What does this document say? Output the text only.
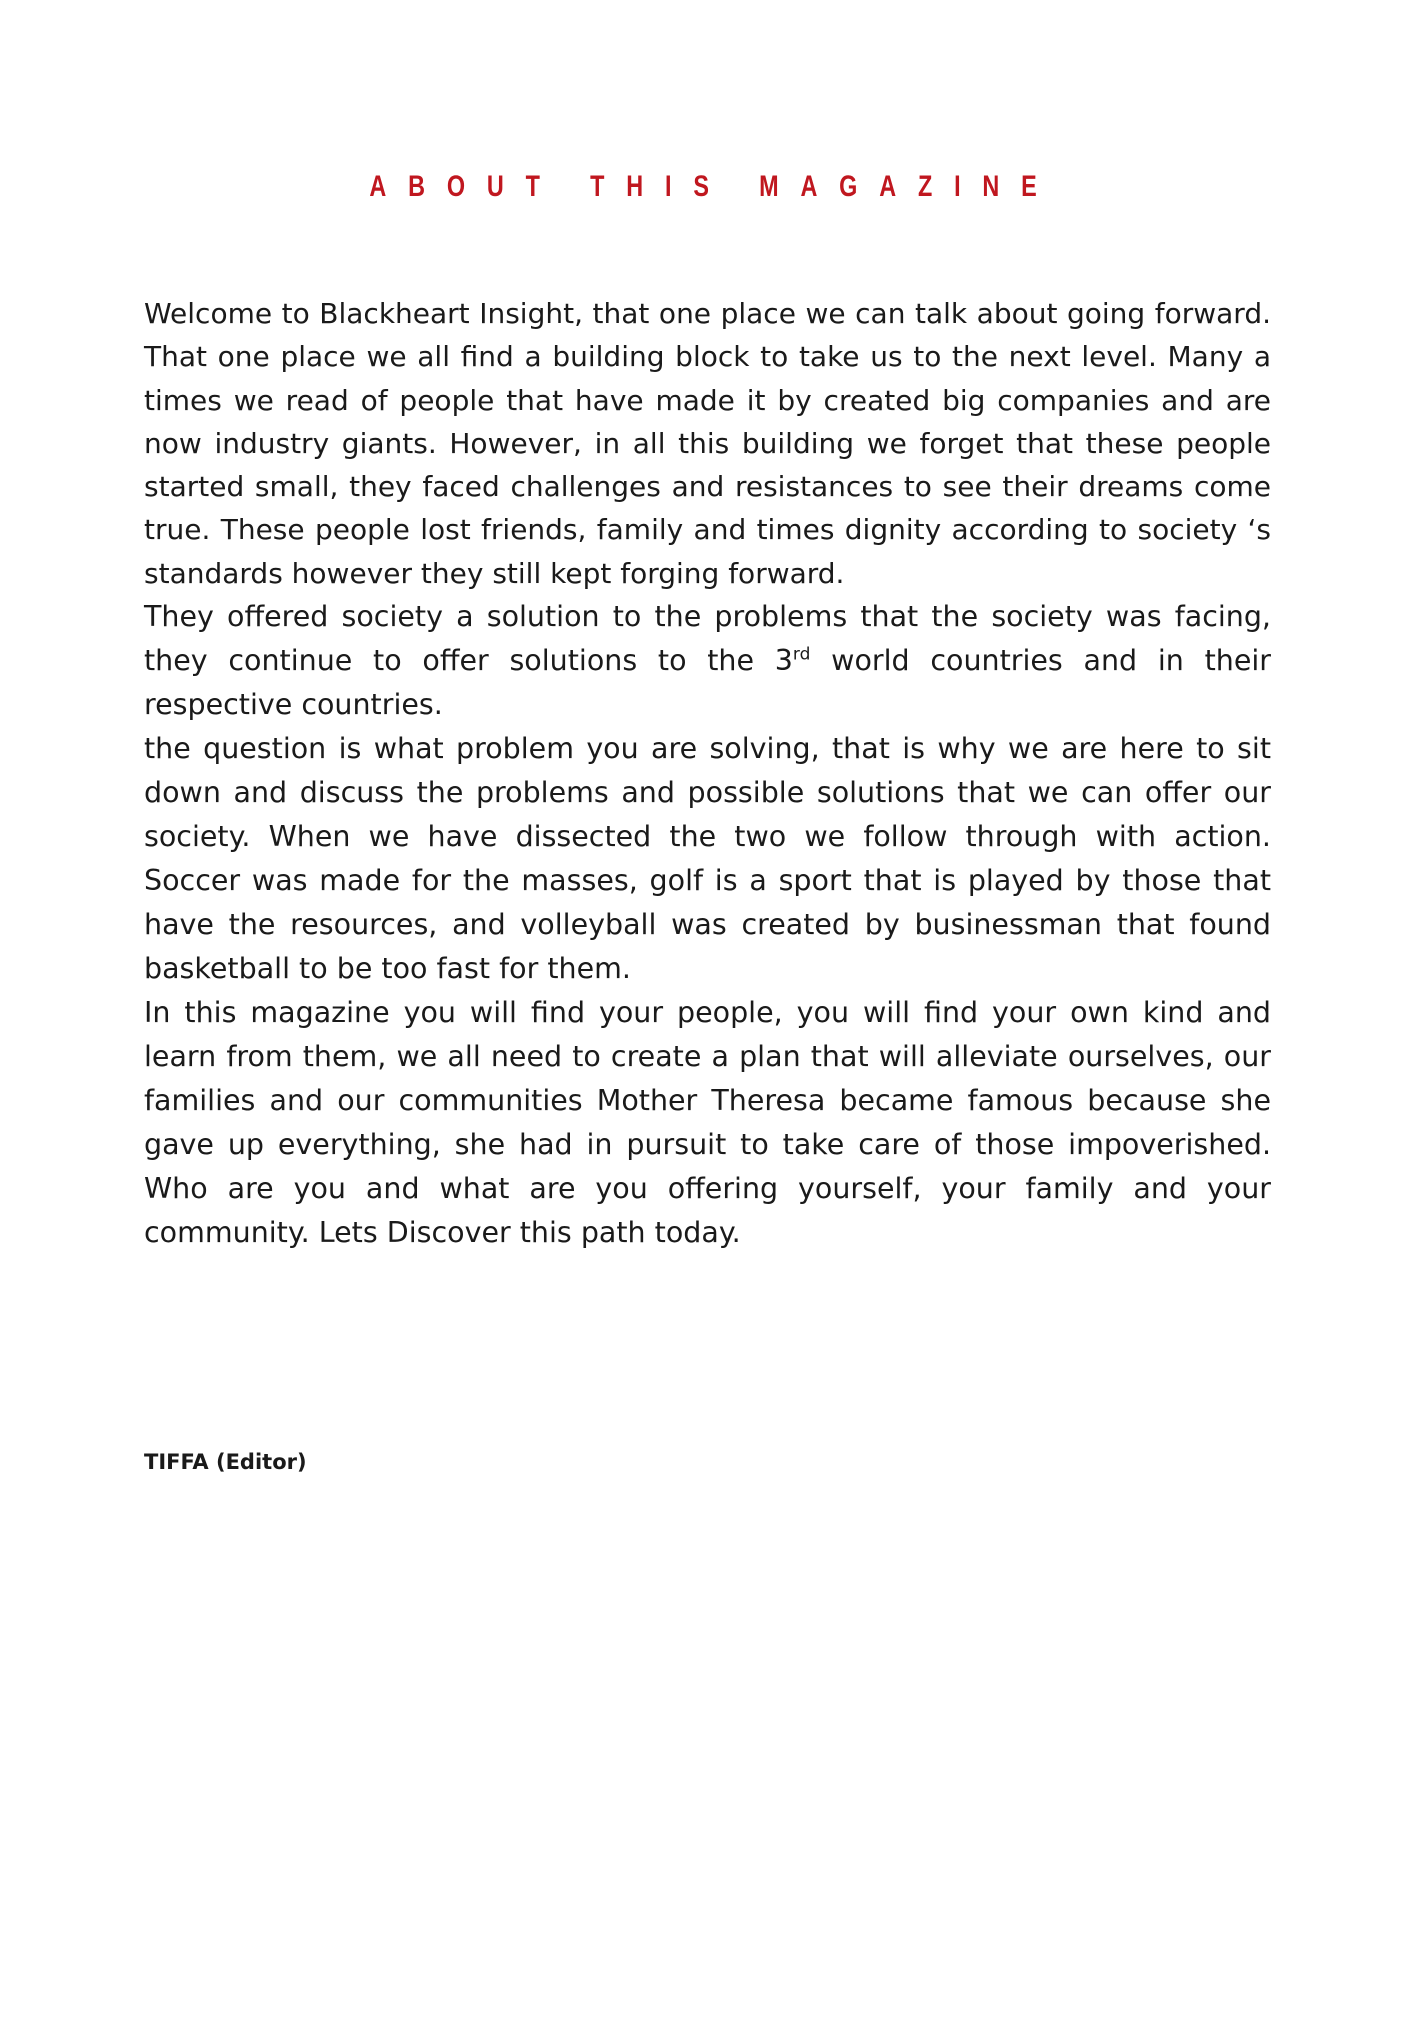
ABOUT THIS MAGAZINE

Welcome to Blackheart Insight, that one place we can talk about going forward. That one place we all find a building block to take us to the next level. Many a times we read of people that have made it by created big companies and are now industry giants. However, in all this building we forget that these people started small, they faced challenges and resistances to see their dreams come true. These people lost friends, family and times dignity according to society ‘s standards however they still kept forging forward.

They offered society a solution to the problems that the society was facing, they continue to offer solutions to the 3rd world countries and in their respective countries.

the question is what problem you are solving, that is why we are here to sit down and discuss the problems and possible solutions that we can offer our society. When we have dissected the two we follow through with action. Soccer was made for the masses, golf is a sport that is played by those that have the resources, and volleyball was created by businessman that found basketball to be too fast for them.

In this magazine you will find your people, you will find your own kind and learn from them, we all need to create a plan that will alleviate ourselves, our families and our communities Mother Theresa became famous because she gave up everything, she had in pursuit to take care of those impoverished. Who are you and what are you offering yourself, your family and your community. Lets Discover this path today.

TIFFA (Editor)
